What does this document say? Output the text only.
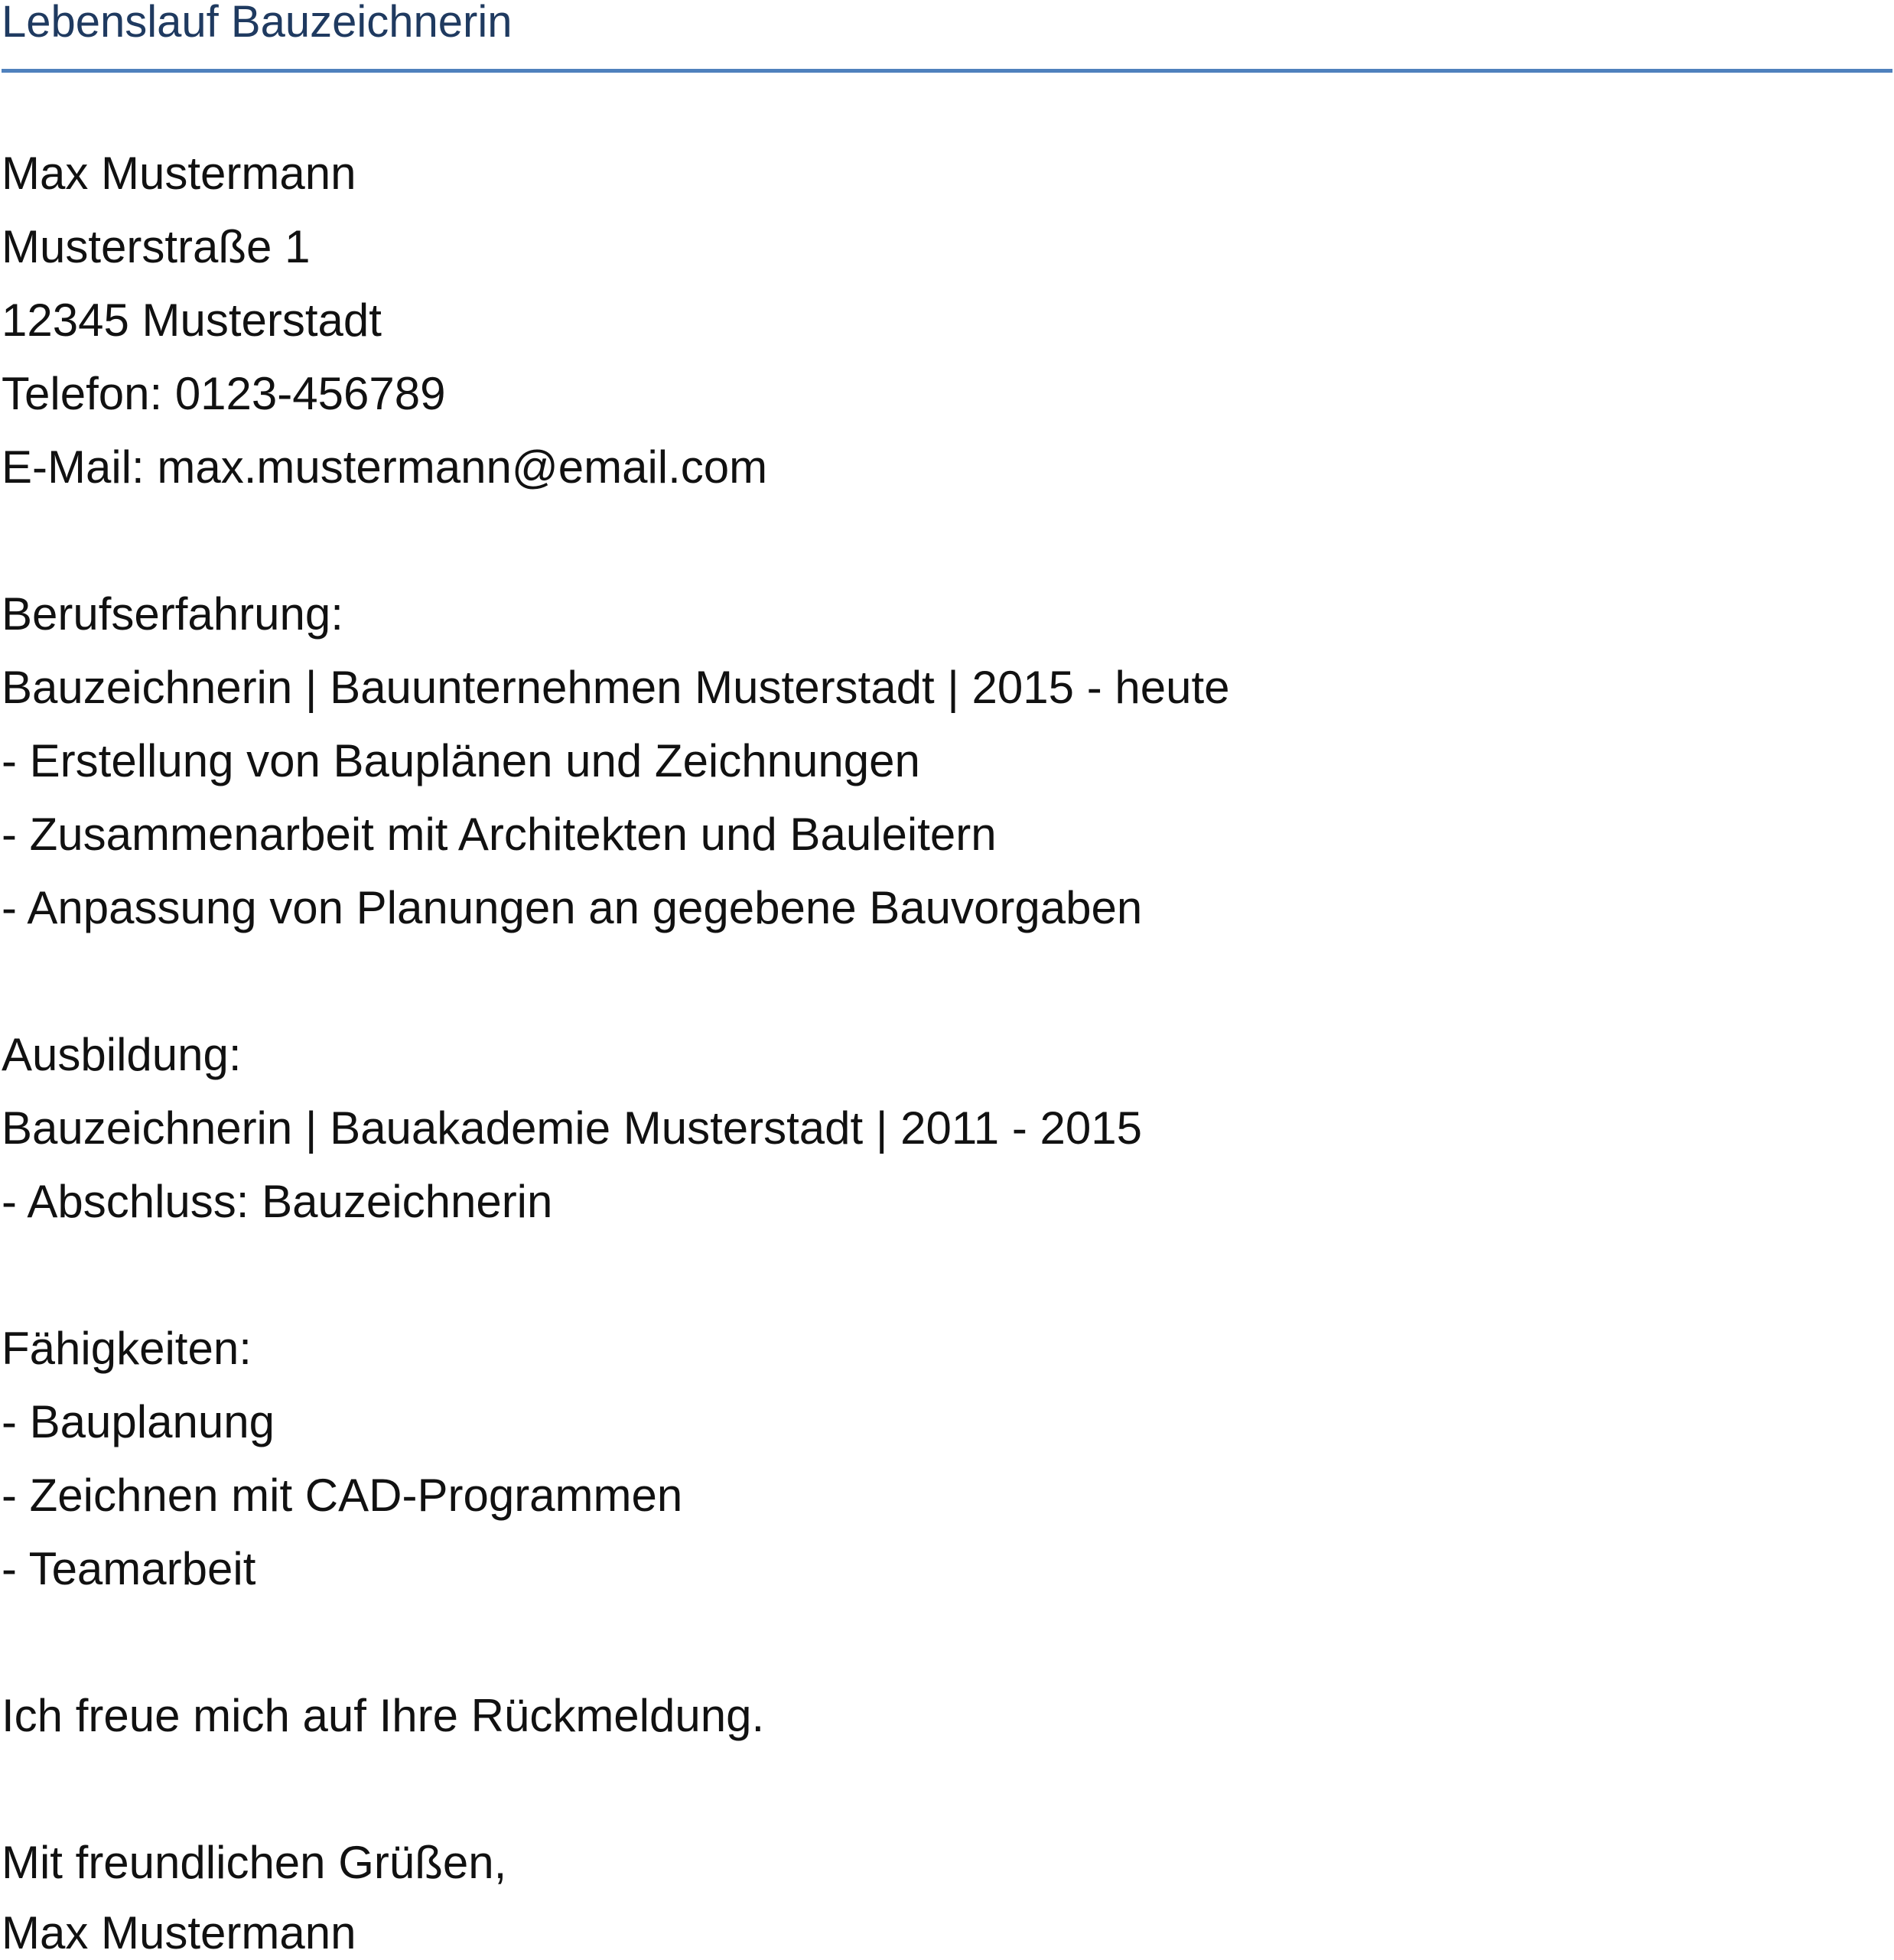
Lebenslauf Bauzeichnerin
Max Mustermann
Musterstraße 1
12345 Musterstadt
Telefon: 0123-456789
E-Mail: max.mustermann@email.com
Berufserfahrung:
Bauzeichnerin | Bauunternehmen Musterstadt | 2015 - heute
- Erstellung von Bauplänen und Zeichnungen
- Zusammenarbeit mit Architekten und Bauleitern
- Anpassung von Planungen an gegebene Bauvorgaben
Ausbildung:
Bauzeichnerin | Bauakademie Musterstadt | 2011 - 2015
- Abschluss: Bauzeichnerin
Fähigkeiten:
- Bauplanung
- Zeichnen mit CAD-Programmen
- Teamarbeit
Ich freue mich auf Ihre Rückmeldung.
Mit freundlichen Grüßen,
Max Mustermann
